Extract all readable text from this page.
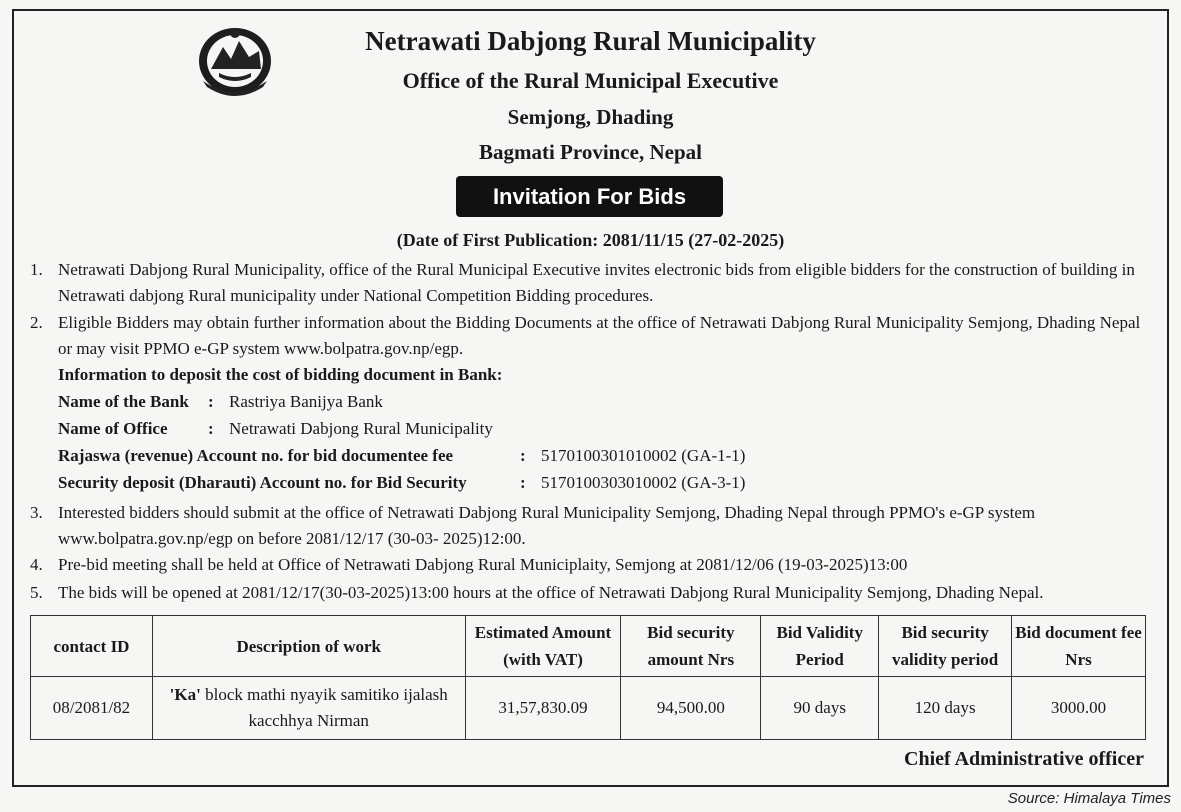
Netrawati Dabjong Rural Municipality
Office of the Rural Municipal Executive
Semjong, Dhading
Bagmati Province, Nepal
Invitation For Bids
(Date of First Publication: 2081/11/15 (27-02-2025)
1. Netrawati Dabjong Rural Municipality, office of the Rural Municipal Executive invites electronic bids from eligible bidders for the construction of building in Netrawati dabjong Rural municipality under National Competition Bidding procedures.
2. Eligible Bidders may obtain further information about the Bidding Documents at the office of Netrawati Dabjong Rural Municipality Semjong, Dhading Nepal or may visit PPMO e-GP system www.bolpatra.gov.np/egp.
Information to deposit the cost of bidding document in Bank:
Name of the Bank : Rastriya Banijya Bank
Name of Office : Netrawati Dabjong Rural Municipality
Rajaswa (revenue) Account no. for bid documentee fee	: 5170100301010002 (GA-1-1)
Security deposit (Dharauti) Account no. for Bid Security	: 5170100303010002 (GA-3-1)
3. Interested bidders should submit at the office of Netrawati Dabjong Rural Municipality Semjong, Dhading Nepal through PPMO's e-GP system www.bolpatra.gov.np/egp on before 2081/12/17 (30-03- 2025)12:00.
4. Pre-bid meeting shall be held at Office of Netrawati Dabjong Rural Municiplaity, Semjong at 2081/12/06 (19-03-2025)13:00
5. The bids will be opened at 2081/12/17(30-03-2025)13:00 hours at the office of Netrawati Dabjong Rural Municipality Semjong, Dhading Nepal.
contact ID	Description of work	Estimated Amount (with VAT)	Bid security amount Nrs	Bid Validity Period	Bid security validity period	Bid document fee Nrs
08/2081/82	'Ka' block mathi nyayik samitiko ijalash kacchhya Nirman	31,57,830.09	94,500.00	90 days	120 days	3000.00
Chief Administrative officer
Source: Himalaya Times
